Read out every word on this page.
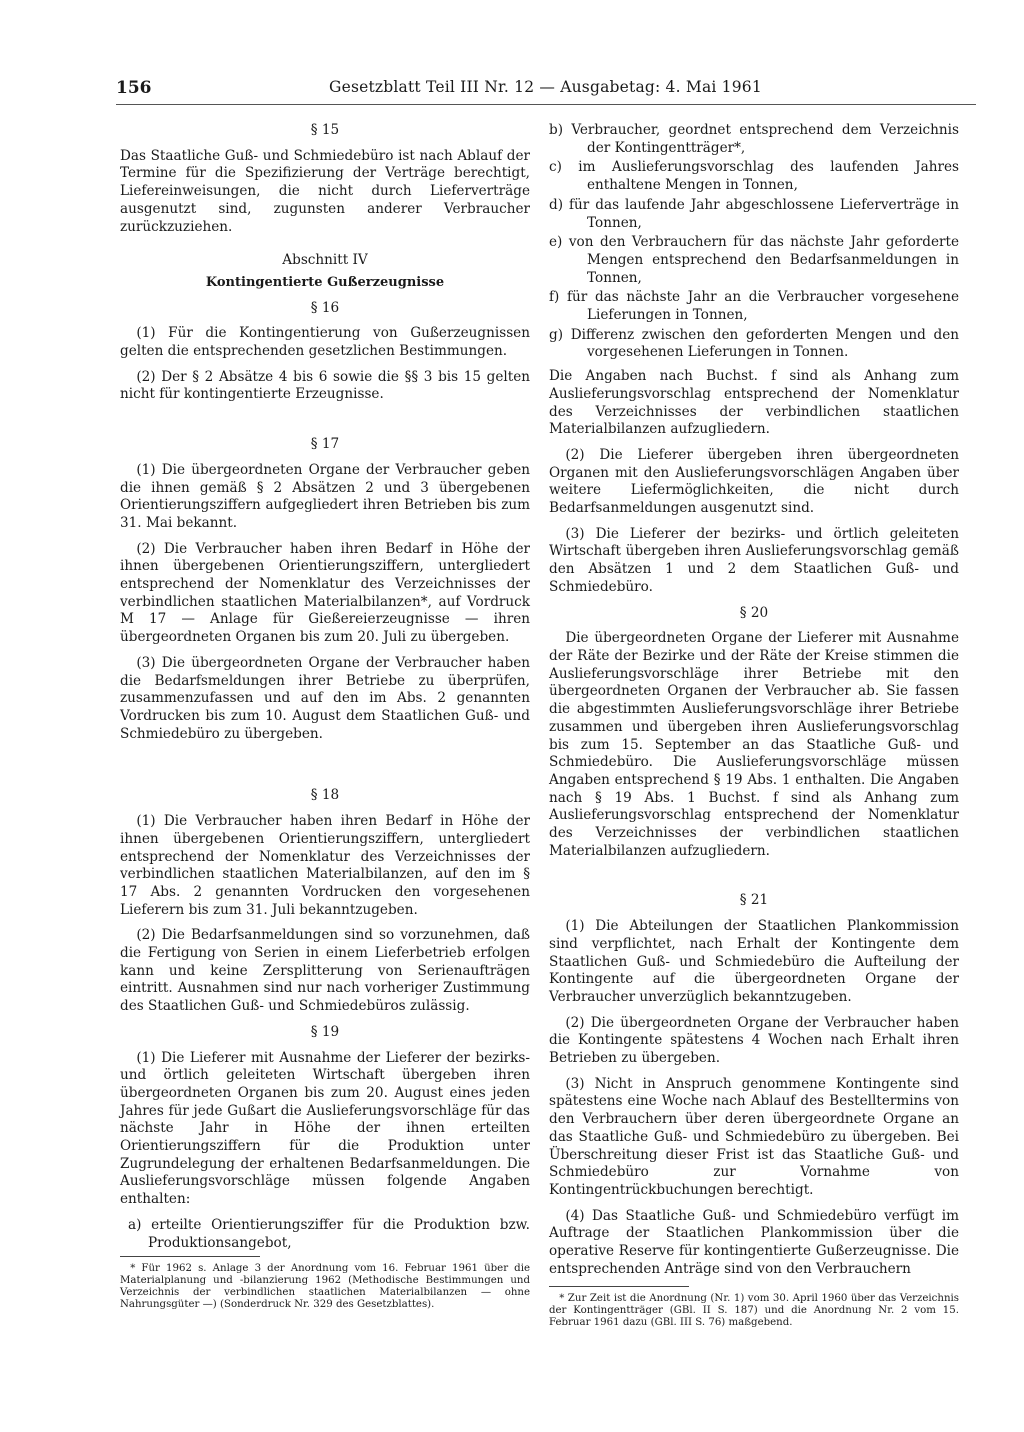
156	Gesetzblatt Teil III Nr. 12 — Ausgabetag: 4. Mai 1961

§ 15

Das Staatliche Guß- und Schmiedebüro ist nach Ablauf der Termine für die Spezifizierung der Verträge berechtigt, Liefereinweisungen, die nicht durch Lieferverträge ausgenutzt sind, zugunsten anderer Verbraucher zurückzuziehen.

Abschnitt IV

Kontingentierte Gußerzeugnisse

§ 16

(1) Für die Kontingentierung von Gußerzeugnissen gelten die entsprechenden gesetzlichen Bestimmungen.

(2) Der § 2 Absätze 4 bis 6 sowie die §§ 3 bis 15 gelten nicht für kontingentierte Erzeugnisse.

§ 17

(1) Die übergeordneten Organe der Verbraucher geben die ihnen gemäß § 2 Absätzen 2 und 3 übergebenen Orientierungsziffern aufgegliedert ihren Betrieben bis zum 31. Mai bekannt.

(2) Die Verbraucher haben ihren Bedarf in Höhe der ihnen übergebenen Orientierungsziffern, untergliedert entsprechend der Nomenklatur des Verzeichnisses der verbindlichen staatlichen Materialbilanzen*, auf Vordruck M 17 — Anlage für Gießereierzeugnisse — ihren übergeordneten Organen bis zum 20. Juli zu übergeben.

(3) Die übergeordneten Organe der Verbraucher haben die Bedarfsmeldungen ihrer Betriebe zu überprüfen, zusammenzufassen und auf den im Abs. 2 genannten Vordrucken bis zum 10. August dem Staatlichen Guß- und Schmiedebüro zu übergeben.

§ 18

(1) Die Verbraucher haben ihren Bedarf in Höhe der ihnen übergebenen Orientierungsziffern, untergliedert entsprechend der Nomenklatur des Verzeichnisses der verbindlichen staatlichen Materialbilanzen, auf den im § 17 Abs. 2 genannten Vordrucken den vorgesehenen Lieferern bis zum 31. Juli bekanntzugeben.

(2) Die Bedarfsanmeldungen sind so vorzunehmen, daß die Fertigung von Serien in einem Lieferbetrieb erfolgen kann und keine Zersplitterung von Serienaufträgen eintritt. Ausnahmen sind nur nach vorheriger Zustimmung des Staatlichen Guß- und Schmiedebüros zulässig.

§ 19

(1) Die Lieferer mit Ausnahme der Lieferer der bezirks- und örtlich geleiteten Wirtschaft übergeben ihren übergeordneten Organen bis zum 20. August eines jeden Jahres für jede Gußart die Auslieferungsvorschläge für das nächste Jahr in Höhe der ihnen erteilten Orientierungsziffern für die Produktion unter Zugrundelegung der erhaltenen Bedarfsanmeldungen. Die Auslieferungsvorschläge müssen folgende Angaben enthalten:

a) erteilte Orientierungsziffer für die Produktion bzw. Produktionsangebot,

* Für 1962 s. Anlage 3 der Anordnung vom 16. Februar 1961 über die Materialplanung und -bilanzierung 1962 (Methodische Bestimmungen und Verzeichnis der verbindlichen staatlichen Materialbilanzen — ohne Nahrungsgüter —) (Sonderdruck Nr. 329 des Gesetzblattes).

b) Verbraucher, geordnet entsprechend dem Verzeichnis der Kontingentträger*,

c) im Auslieferungsvorschlag des laufenden Jahres enthaltene Mengen in Tonnen,

d) für das laufende Jahr abgeschlossene Lieferverträge in Tonnen,

e) von den Verbrauchern für das nächste Jahr geforderte Mengen entsprechend den Bedarfsanmeldungen in Tonnen,

f) für das nächste Jahr an die Verbraucher vorgesehene Lieferungen in Tonnen,

g) Differenz zwischen den geforderten Mengen und den vorgesehenen Lieferungen in Tonnen.

Die Angaben nach Buchst. f sind als Anhang zum Auslieferungsvorschlag entsprechend der Nomenklatur des Verzeichnisses der verbindlichen staatlichen Materialbilanzen aufzugliedern.

(2) Die Lieferer übergeben ihren übergeordneten Organen mit den Auslieferungsvorschlägen Angaben über weitere Liefermöglichkeiten, die nicht durch Bedarfsanmeldungen ausgenutzt sind.

(3) Die Lieferer der bezirks- und örtlich geleiteten Wirtschaft übergeben ihren Auslieferungsvorschlag gemäß den Absätzen 1 und 2 dem Staatlichen Guß- und Schmiedebüro.

§ 20

Die übergeordneten Organe der Lieferer mit Ausnahme der Räte der Bezirke und der Räte der Kreise stimmen die Auslieferungsvorschläge ihrer Betriebe mit den übergeordneten Organen der Verbraucher ab. Sie fassen die abgestimmten Auslieferungsvorschläge ihrer Betriebe zusammen und übergeben ihren Auslieferungsvorschlag bis zum 15. September an das Staatliche Guß- und Schmiedebüro. Die Auslieferungsvorschläge müssen Angaben entsprechend § 19 Abs. 1 enthalten. Die Angaben nach § 19 Abs. 1 Buchst. f sind als Anhang zum Auslieferungsvorschlag entsprechend der Nomenklatur des Verzeichnisses der verbindlichen staatlichen Materialbilanzen aufzugliedern.

§ 21

(1) Die Abteilungen der Staatlichen Plankommission sind verpflichtet, nach Erhalt der Kontingente dem Staatlichen Guß- und Schmiedebüro die Aufteilung der Kontingente auf die übergeordneten Organe der Verbraucher unverzüglich bekanntzugeben.

(2) Die übergeordneten Organe der Verbraucher haben die Kontingente spätestens 4 Wochen nach Erhalt ihren Betrieben zu übergeben.

(3) Nicht in Anspruch genommene Kontingente sind spätestens eine Woche nach Ablauf des Bestelltermins von den Verbrauchern über deren übergeordnete Organe an das Staatliche Guß- und Schmiedebüro zu übergeben. Bei Überschreitung dieser Frist ist das Staatliche Guß- und Schmiedebüro zur Vornahme von Kontingentrückbuchungen berechtigt.

(4) Das Staatliche Guß- und Schmiedebüro verfügt im Auftrage der Staatlichen Plankommission über die operative Reserve für kontingentierte Gußerzeugnisse. Die entsprechenden Anträge sind von den Verbrauchern

* Zur Zeit ist die Anordnung (Nr. 1) vom 30. April 1960 über das Verzeichnis der Kontingentträger (GBl. II S. 187) und die Anordnung Nr. 2 vom 15. Februar 1961 dazu (GBl. III S. 76) maßgebend.
